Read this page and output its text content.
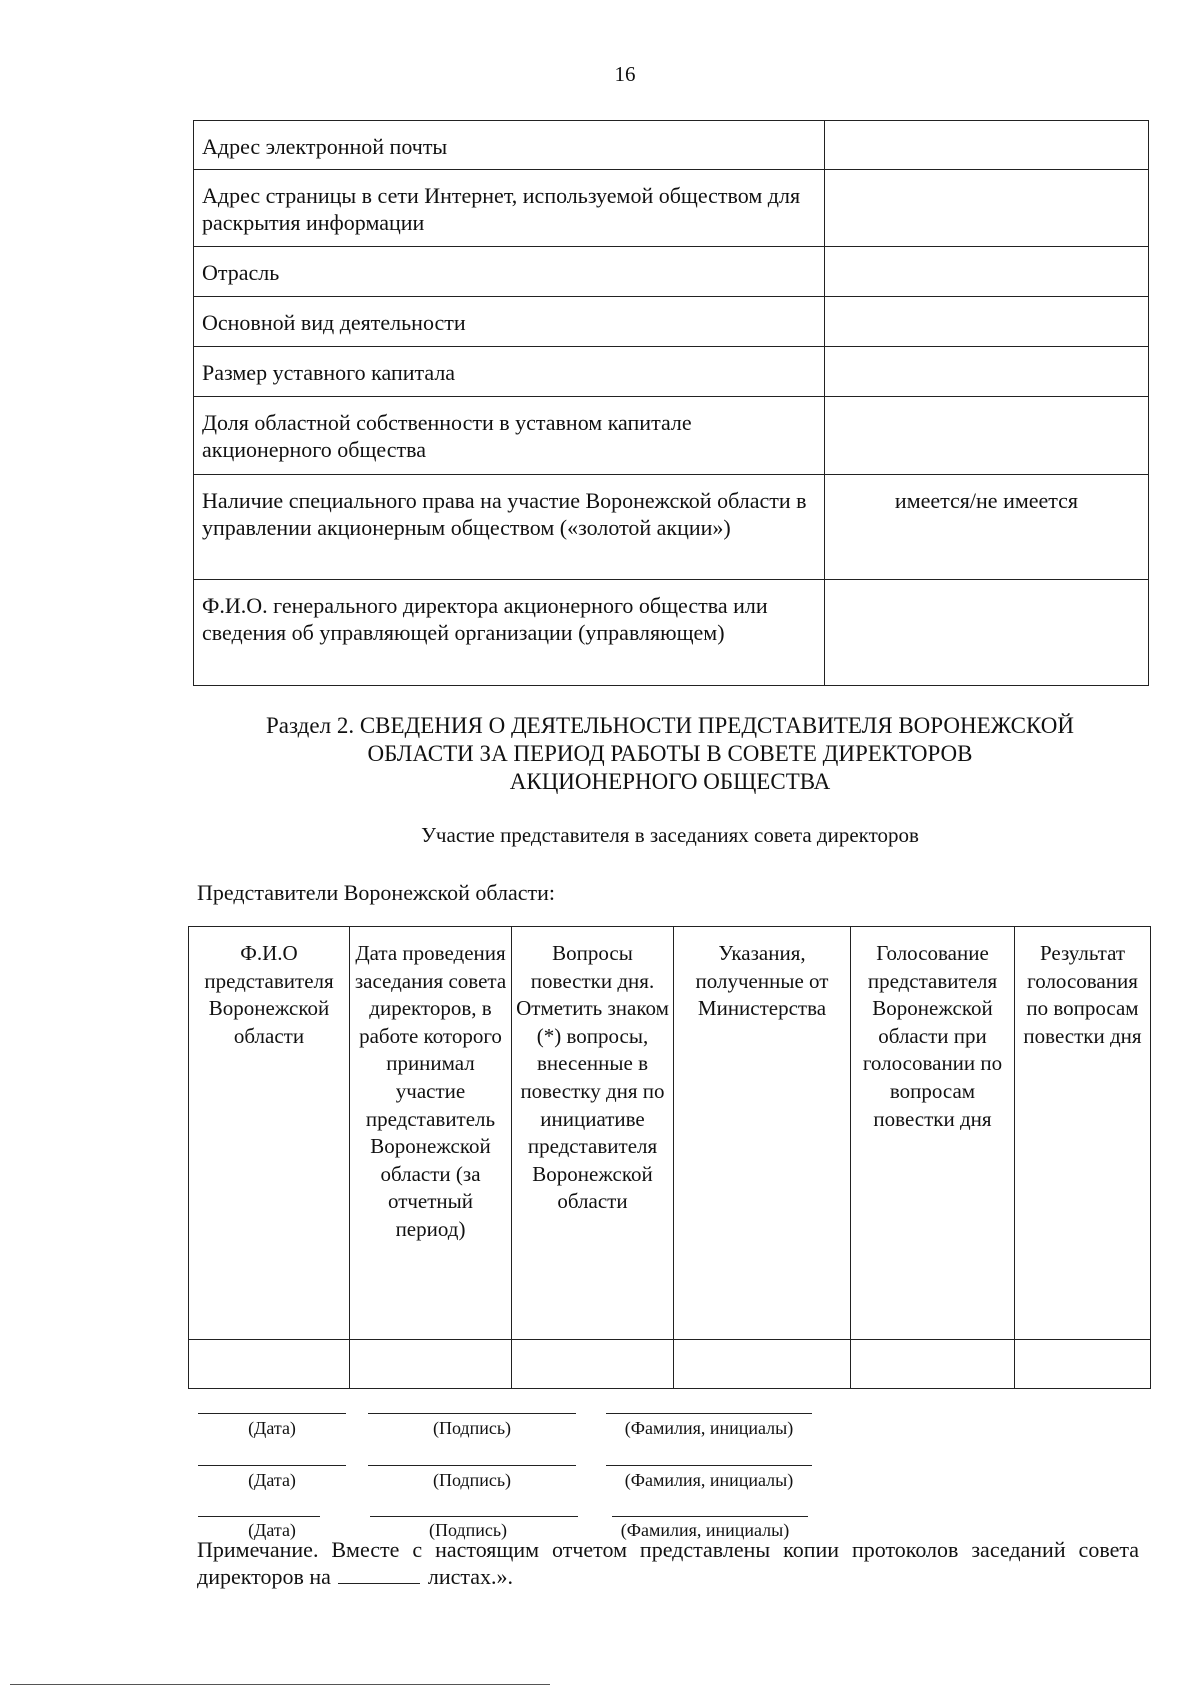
16
Адрес электронной почты	
Адрес страницы в сети Интернет, используемой обществом для раскрытия информации	
Отрасль	
Основной вид деятельности	
Размер уставного капитала	
Доля областной собственности в уставном капитале акционерного общества	
Наличие специального права на участие Воронежской области в управлении акционерным обществом («золотой акции»)	имеется/не имеется
Ф.И.О. генерального директора акционерного общества или сведения об управляющей организации (управляющем)	
Раздел 2. СВЕДЕНИЯ О ДЕЯТЕЛЬНОСТИ ПРЕДСТАВИТЕЛЯ ВОРОНЕЖСКОЙ
ОБЛАСТИ ЗА ПЕРИОД РАБОТЫ В СОВЕТЕ ДИРЕКТОРОВ
АКЦИОНЕРНОГО ОБЩЕСТВА
Участие представителя в заседаниях совета директоров
Представители Воронежской области:
Ф.И.О представителя Воронежской области	Дата проведения заседания совета директоров, в работе которого принимал участие представитель Воронежской области (за отчетный период)	Вопросы повестки дня. Отметить знаком (*) вопросы, внесенные в повестку дня по инициативе представителя Воронежской области	Указания, полученные от Министерства	Голосование представителя Воронежской области при голосовании по вопросам повестки дня	Результат голосования по вопросам повестки дня

(Дата)	(Подпись)	(Фамилия, инициалы)
(Дата)	(Подпись)	(Фамилия, инициалы)
(Дата)	(Подпись)	(Фамилия, инициалы)
Примечание. Вместе с настоящим отчетом представлены копии протоколов заседаний совета директоров на	листах.».
